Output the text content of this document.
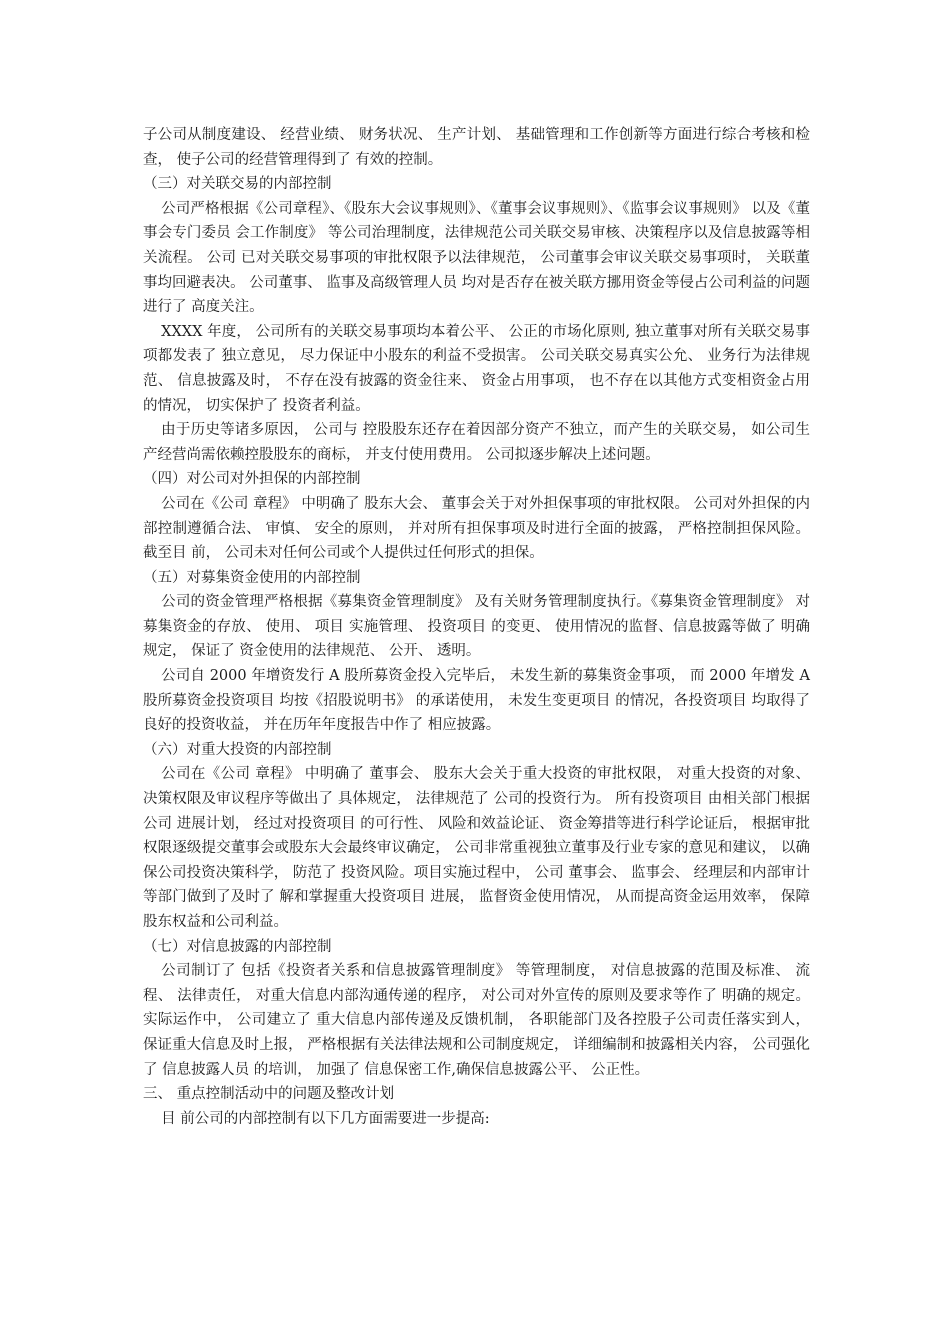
子公司从制度建设、 经营业绩、 财务状况、 生产计划、 基础管理和工作创新等方面进行综合考核和检查， 使子公司的经营管理得到了 有效的控制。

（三）对关联交易的内部控制

公司严格根据《公司章程》、《股东大会议事规则》、《董事会议事规则》、《监事会议事规则》 以及《董事会专门委员 会工作制度》 等公司治理制度，法律规范公司关联交易审核、决策程序以及信息披露等相关流程。 公司 已对关联交易事项的审批权限予以法律规范， 公司董事会审议关联交易事项时， 关联董事均回避表决。 公司董事、 监事及高级管理人员 均对是否存在被关联方挪用资金等侵占公司利益的问题进行了 高度关注。

XXXX 年度， 公司所有的关联交易事项均本着公平、 公正的市场化原则, 独立董事对所有关联交易事项都发表了 独立意见， 尽力保证中小股东的利益不受损害。 公司关联交易真实公允、 业务行为法律规范、 信息披露及时， 不存在没有披露的资金往来、 资金占用事项， 也不存在以其他方式变相资金占用的情况， 切实保护了 投资者利益。

由于历史等诸多原因， 公司与 控股股东还存在着因部分资产不独立，而产生的关联交易， 如公司生产经营尚需依赖控股股东的商标， 并支付使用费用。 公司拟逐步解决上述问题。

（四）对公司对外担保的内部控制

公司在《公司 章程》 中明确了 股东大会、 董事会关于对外担保事项的审批权限。 公司对外担保的内部控制遵循合法、 审慎、 安全的原则， 并对所有担保事项及时进行全面的披露， 严格控制担保风险。截至目 前， 公司未对任何公司或个人提供过任何形式的担保。

（五）对募集资金使用的内部控制

公司的资金管理严格根据《募集资金管理制度》 及有关财务管理制度执行。《募集资金管理制度》 对募集资金的存放、 使用、 项目 实施管理、 投资项目 的变更、 使用情况的监督、信息披露等做了 明确规定， 保证了 资金使用的法律规范、 公开、 透明。

公司自 2000 年增资发行 A 股所募资金投入完毕后， 未发生新的募集资金事项， 而 2000 年增发 A 股所募资金投资项目 均按《招股说明书》 的承诺使用， 未发生变更项目 的情况，各投资项目 均取得了 良好的投资收益， 并在历年年度报告中作了 相应披露。

（六）对重大投资的内部控制

公司在《公司 章程》 中明确了 董事会、 股东大会关于重大投资的审批权限， 对重大投资的对象、 决策权限及审议程序等做出了 具体规定， 法律规范了 公司的投资行为。 所有投资项目 由相关部门根据公司 进展计划， 经过对投资项目 的可行性、 风险和效益论证、 资金筹措等进行科学论证后， 根据审批权限逐级提交董事会或股东大会最终审议确定， 公司非常重视独立董事及行业专家的意见和建议， 以确保公司投资决策科学， 防范了 投资风险。项目实施过程中， 公司 董事会、 监事会、 经理层和内部审计等部门做到了及时了 解和掌握重大投资项目 进展， 监督资金使用情况， 从而提高资金运用效率， 保障股东权益和公司利益。

（七）对信息披露的内部控制

公司制订了 包括《投资者关系和信息披露管理制度》 等管理制度， 对信息披露的范围及标准、 流程、 法律责任， 对重大信息内部沟通传递的程序， 对公司对外宣传的原则及要求等作了 明确的规定。实际运作中， 公司建立了 重大信息内部传递及反馈机制， 各职能部门及各控股子公司责任落实到人， 保证重大信息及时上报， 严格根据有关法律法规和公司制度规定， 详细编制和披露相关内容， 公司强化了 信息披露人员 的培训， 加强了 信息保密工作,确保信息披露公平、 公正性。

三、 重点控制活动中的问题及整改计划

目 前公司的内部控制有以下几方面需要进一步提高:
